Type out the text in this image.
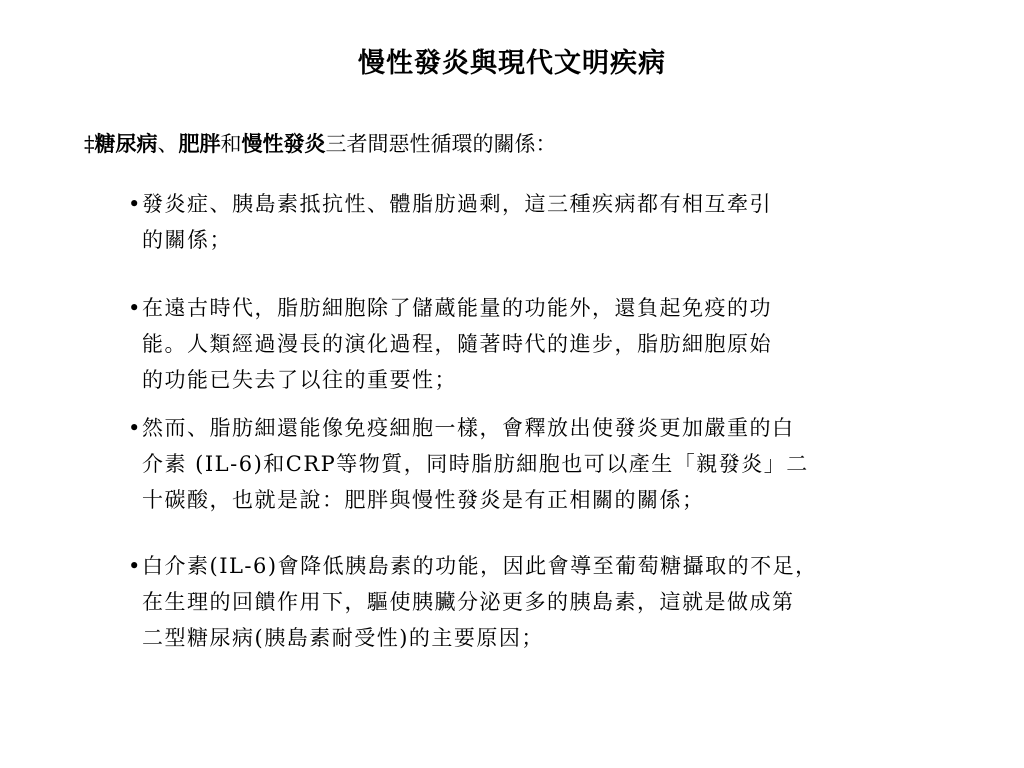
慢性發炎與現代文明疾病
‡糖尿病、肥胖和慢性發炎三者間惡性循環的關係：
• 發炎症、胰島素抵抗性、體脂肪過剩，這三種疾病都有相互牽引
的關係；
• 在遠古時代，脂肪細胞除了儲蔵能量的功能外，還負起免疫的功
能。人類經過漫長的演化過程，隨著時代的進步，脂肪細胞原始
的功能已失去了以往的重要性；
• 然而、脂肪細還能像免疫細胞一樣，會釋放出使發炎更加嚴重的白
介素 (IL-6)和CRP等物質，同時脂肪細胞也可以產生「親發炎」二
十碳酸，也就是說：肥胖與慢性發炎是有正相關的關係；
• 白介素(IL-6)會降低胰島素的功能，因此會導至葡萄糖攝取的不足，
在生理的回饋作用下，驅使胰臟分泌更多的胰島素，這就是做成第
二型糖尿病(胰島素耐受性)的主要原因；
